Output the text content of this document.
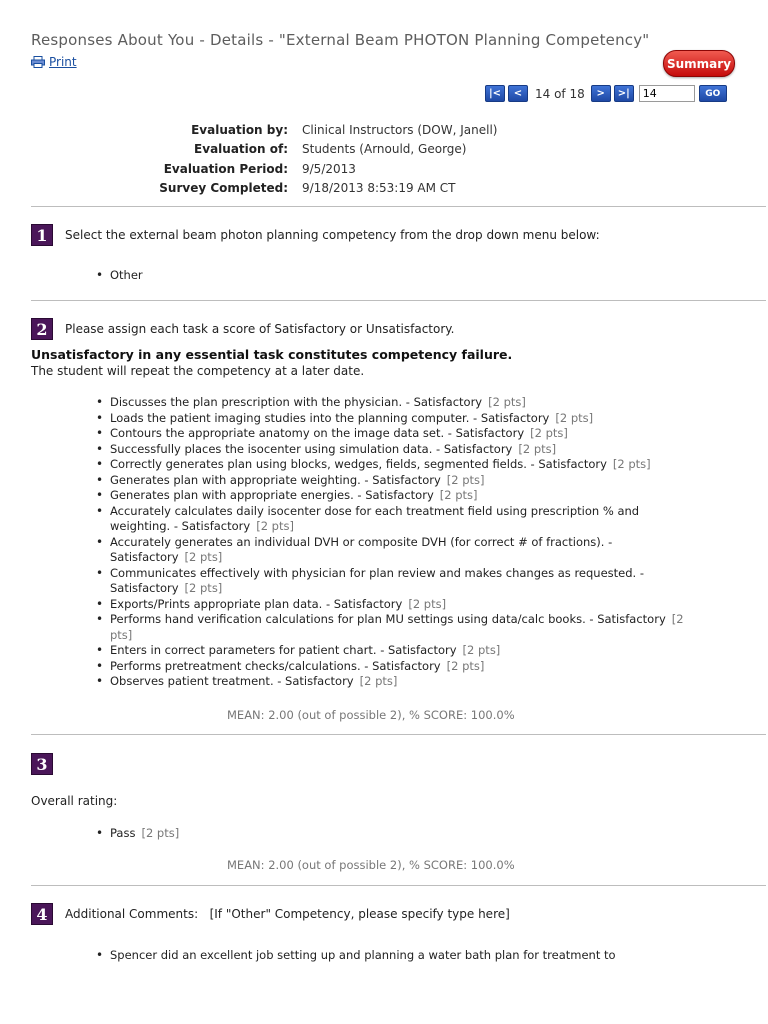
Responses About You - Details - "External Beam PHOTON Planning Competency"
Print	Summary
|<	<	14 of 18	>	>|
14	GO
Evaluation by:	Clinical Instructors (DOW, Janell)
Evaluation of:	Students (Arnould, George)
Evaluation Period:	9/5/2013
Survey Completed:	9/18/2013 8:53:19 AM CT
1	Select the external beam photon planning competency from the drop down menu below:
• Other
2	Please assign each task a score of Satisfactory or Unsatisfactory.
Unsatisfactory in any essential task constitutes competency failure.
The student will repeat the competency at a later date.
• Discusses the plan prescription with the physician. - Satisfactory [2 pts]
• Loads the patient imaging studies into the planning computer. - Satisfactory [2 pts]
• Contours the appropriate anatomy on the image data set. - Satisfactory [2 pts]
• Successfully places the isocenter using simulation data. - Satisfactory [2 pts]
• Correctly generates plan using blocks, wedges, fields, segmented fields. - Satisfactory [2 pts]
• Generates plan with appropriate weighting. - Satisfactory [2 pts]
• Generates plan with appropriate energies. - Satisfactory [2 pts]
• Accurately calculates daily isocenter dose for each treatment field using prescription % and weighting. - Satisfactory [2 pts]
• Accurately generates an individual DVH or composite DVH (for correct # of fractions). - Satisfactory [2 pts]
• Communicates effectively with physician for plan review and makes changes as requested. - Satisfactory [2 pts]
• Exports/Prints appropriate plan data. - Satisfactory [2 pts]
• Performs hand verification calculations for plan MU settings using data/calc books. - Satisfactory [2 pts]
• Enters in correct parameters for patient chart. - Satisfactory [2 pts]
• Performs pretreatment checks/calculations. - Satisfactory [2 pts]
• Observes patient treatment. - Satisfactory [2 pts]
MEAN: 2.00 (out of possible 2), % SCORE: 100.0%
3
Overall rating:
• Pass [2 pts]
MEAN: 2.00 (out of possible 2), % SCORE: 100.0%
4	Additional Comments:   [If "Other" Competency, please specify type here]
• Spencer did an excellent job setting up and planning a water bath plan for treatment to
